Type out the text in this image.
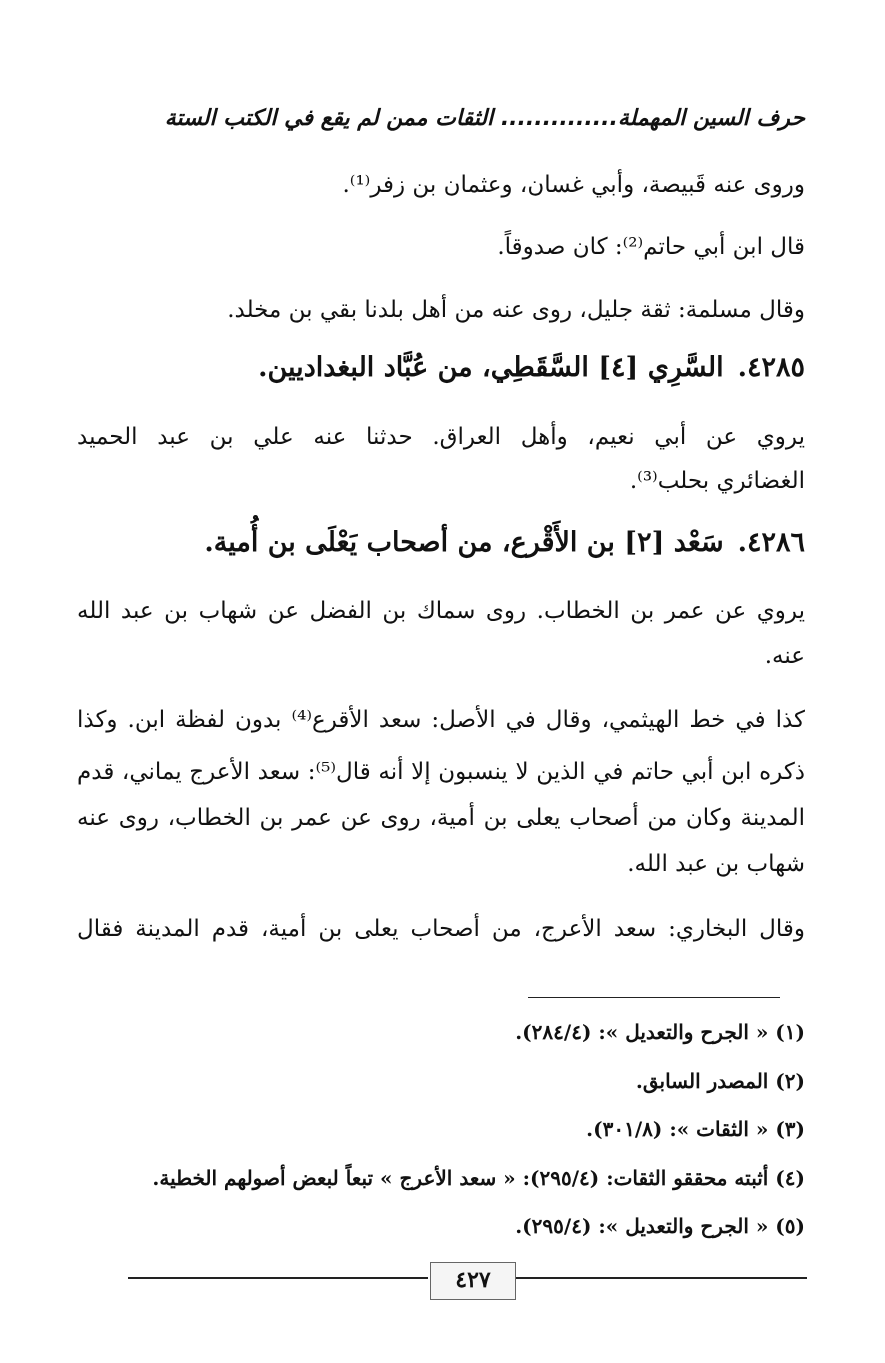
حرف السين المهملة.............. الثقات ممن لم يقع في الكتب الستة
وروى عنه قَبيصة، وأبي غسان، وعثمان بن زفر⁽¹⁾.
قال ابن أبي حاتم⁽²⁾: كان صدوقاً.
وقال مسلمة: ثقة جليل، روى عنه من أهل بلدنا بقي بن مخلد.
٤٢٨٥.السَّرِي [٤] السَّقَطِي، من عُبَّاد البغداديين.
يروي عن أبي نعيم، وأهل العراق. حدثنا عنه علي بن عبد الحميد
الغضائري بحلب⁽³⁾.
٤٢٨٦.سَعْد [٢] بن الأَقْرع، من أصحاب يَعْلَى بن أُمية.
يروي عن عمر بن الخطاب. روى سماك بن الفضل عن شهاب بن عبد الله
عنه.
كذا في خط الهيثمي، وقال في الأصل: سعد الأقرع⁽⁴⁾ بدون لفظة ابن. وكذا
ذكره ابن أبي حاتم في الذين لا ينسبون إلا أنه قال⁽⁵⁾: سعد الأعرج يماني، قدم
المدينة وكان من أصحاب يعلى بن أمية، روى عن عمر بن الخطاب، روى عنه
شهاب بن عبد الله.
وقال البخاري: سعد الأعرج، من أصحاب يعلى بن أمية، قدم المدينة فقال
(١) « الجرح والتعديل »: (٢٨٤/٤).
(٢) المصدر السابق.
(٣) « الثقات »: (٣٠١/٨).
(٤) أثبته محققو الثقات: (٢٩٥/٤): « سعد الأعرج » تبعاً لبعض أصولهم الخطية.
(٥) « الجرح والتعديل »: (٢٩٥/٤).
٤٢٧
